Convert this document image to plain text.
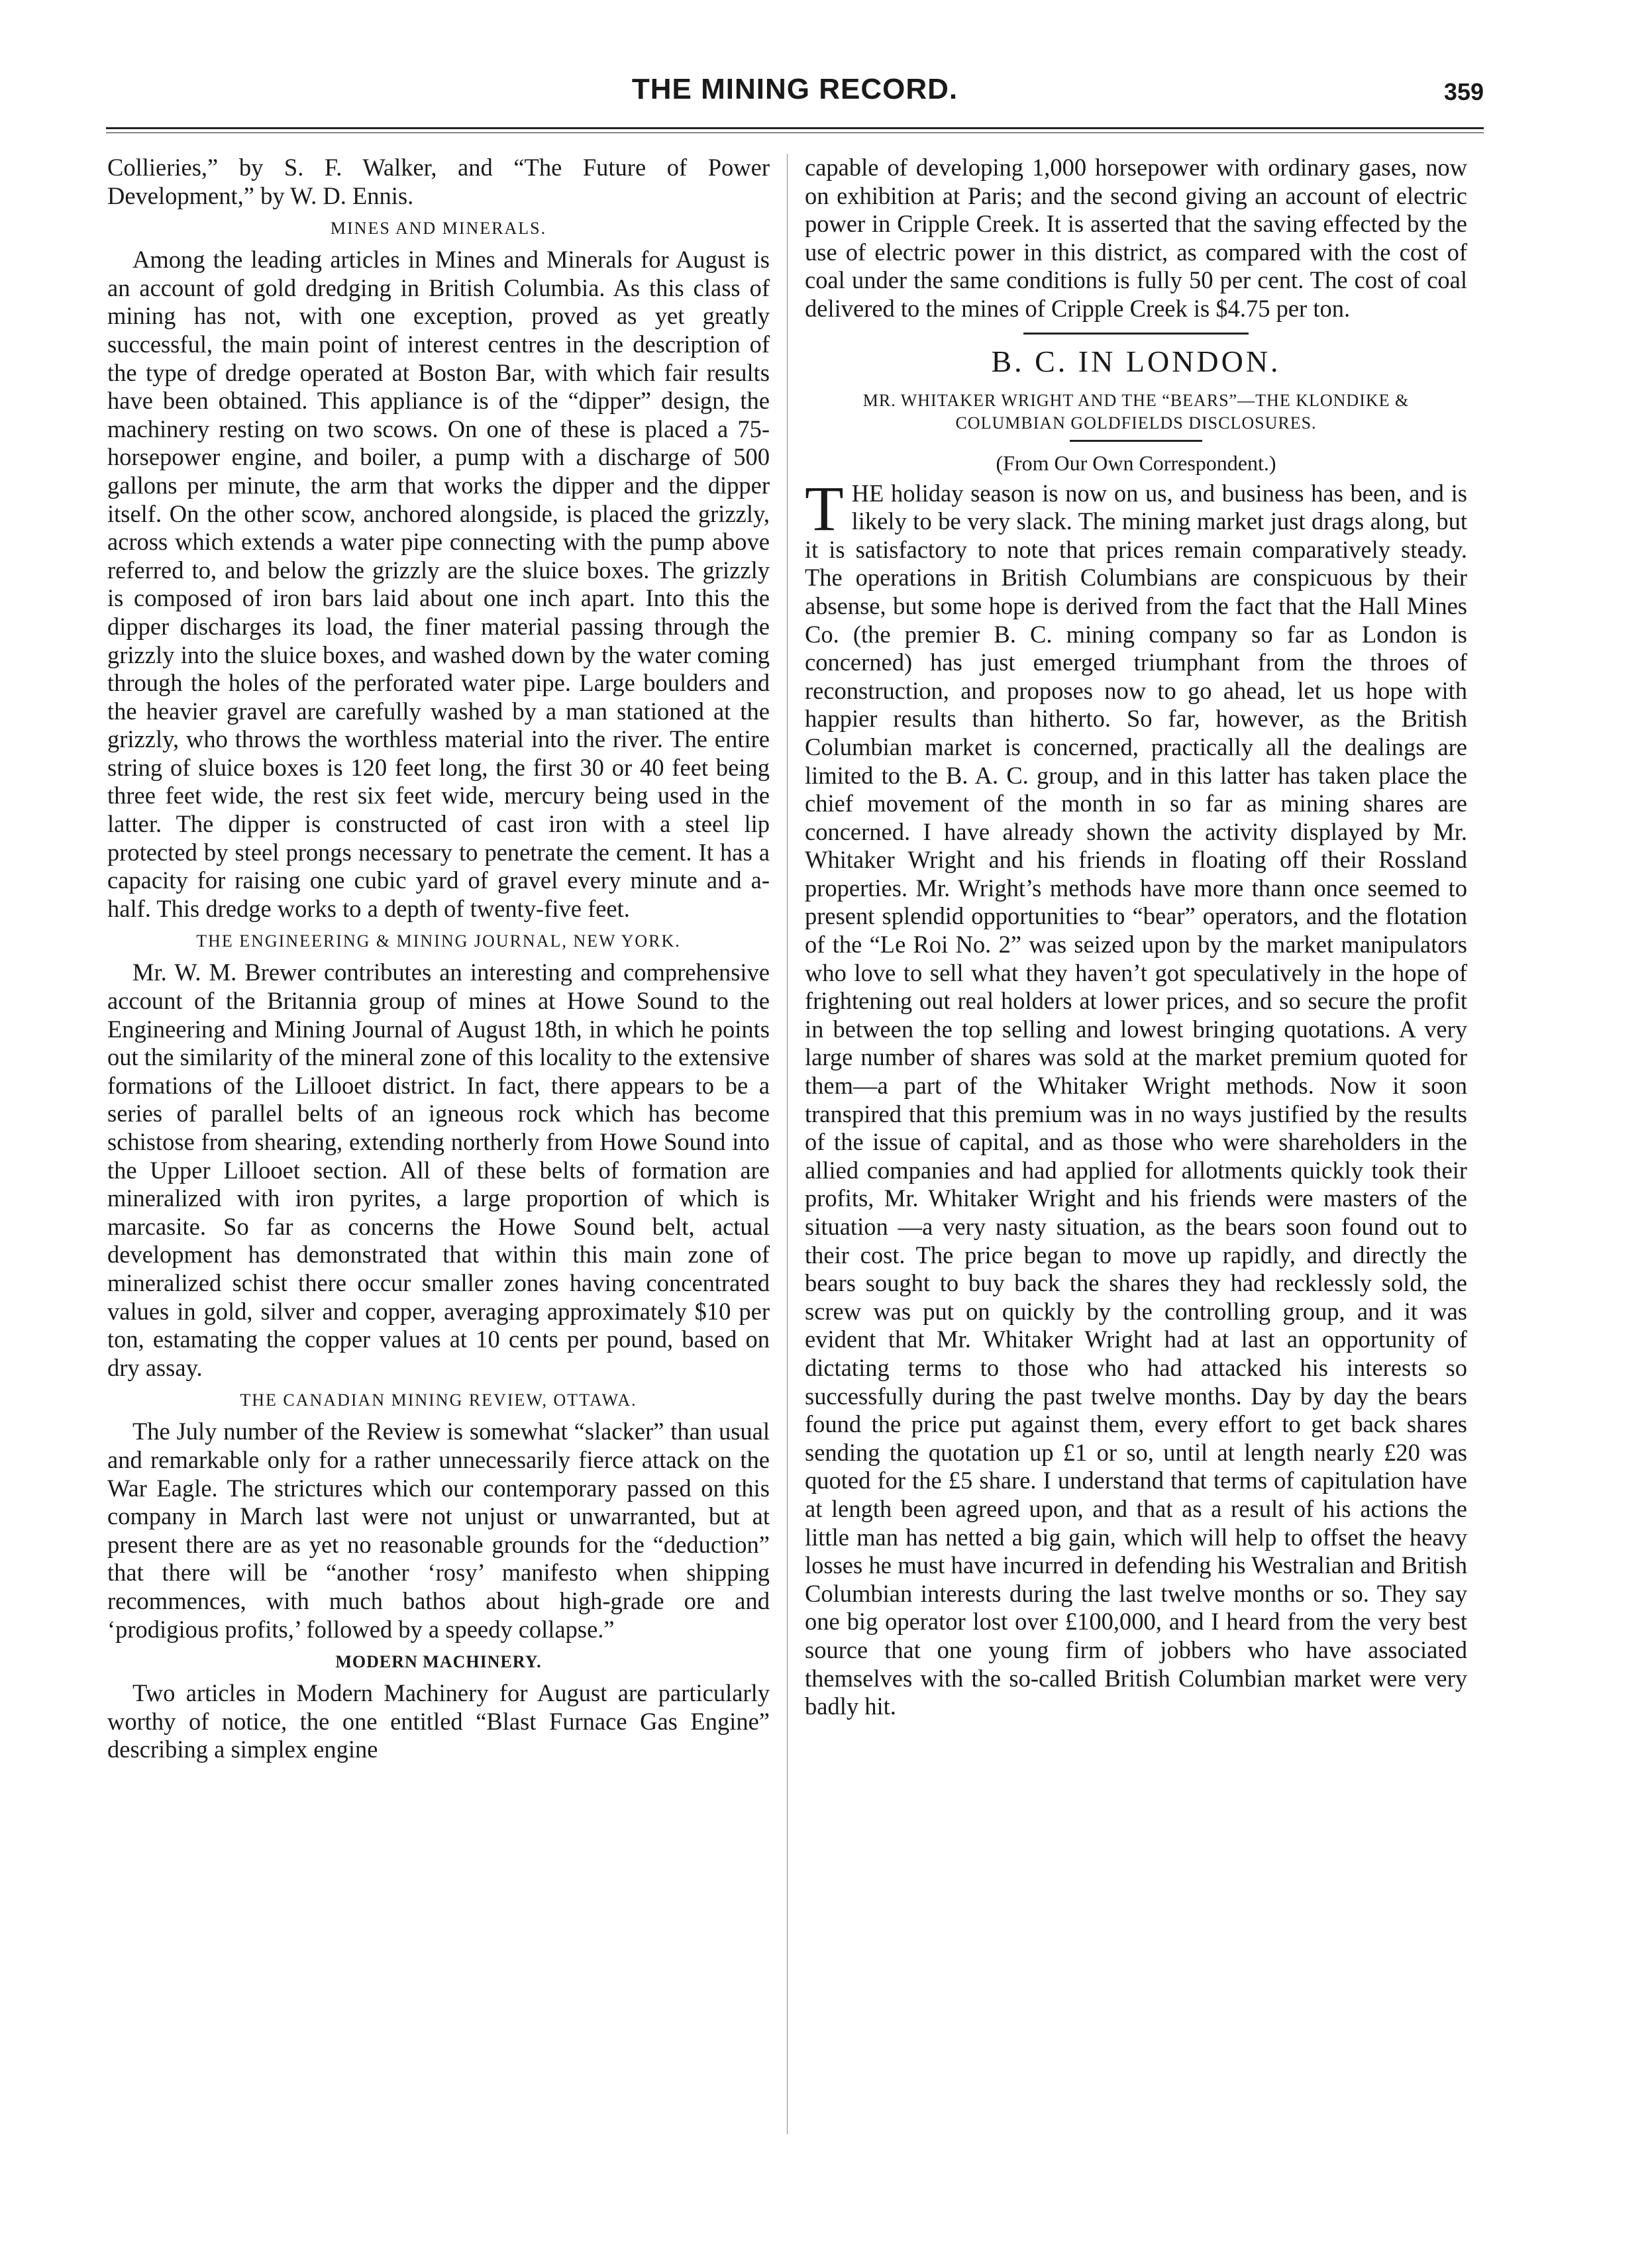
THE MINING RECORD.	359

Collieries,” by S. F. Walker, and “The Future of Power Development,” by W. D. Ennis.

MINES AND MINERALS.

Among the leading articles in Mines and Minerals for August is an account of gold dredging in British Columbia. As this class of mining has not, with one exception, proved as yet greatly successful, the main point of interest centres in the description of the type of dredge operated at Boston Bar, with which fair results have been obtained. This appliance is of the “dipper” design, the machinery resting on two scows. On one of these is placed a 75-horsepower engine, and boiler, a pump with a discharge of 500 gallons per minute, the arm that works the dipper and the dipper itself. On the other scow, anchored alongside, is placed the grizzly, across which extends a water pipe connecting with the pump above referred to, and below the grizzly are the sluice boxes. The grizzly is composed of iron bars laid about one inch apart. Into this the dipper discharges its load, the finer material passing through the grizzly into the sluice boxes, and washed down by the water coming through the holes of the perforated water pipe. Large boulders and the heavier gravel are carefully washed by a man stationed at the grizzly, who throws the worthless material into the river. The entire string of sluice boxes is 120 feet long, the first 30 or 40 feet being three feet wide, the rest six feet wide, mercury being used in the latter. The dipper is constructed of cast iron with a steel lip protected by steel prongs necessary to penetrate the cement. It has a capacity for raising one cubic yard of gravel every minute and a-half. This dredge works to a depth of twenty-five feet.

THE ENGINEERING & MINING JOURNAL, NEW YORK.

Mr. W. M. Brewer contributes an interesting and comprehensive account of the Britannia group of mines at Howe Sound to the Engineering and Mining Journal of August 18th, in which he points out the similarity of the mineral zone of this locality to the extensive formations of the Lillooet district. In fact, there appears to be a series of parallel belts of an igneous rock which has become schistose from shearing, extending northerly from Howe Sound into the Upper Lillooet section. All of these belts of formation are mineralized with iron pyrites, a large proportion of which is marcasite. So far as concerns the Howe Sound belt, actual development has demonstrated that within this main zone of mineralized schist there occur smaller zones having concentrated values in gold, silver and copper, averaging approximately $10 per ton, estamating the copper values at 10 cents per pound, based on dry assay.

THE CANADIAN MINING REVIEW, OTTAWA.

The July number of the Review is somewhat “slacker” than usual and remarkable only for a rather unnecessarily fierce attack on the War Eagle. The strictures which our contemporary passed on this company in March last were not unjust or unwarranted, but at present there are as yet no reasonable grounds for the “deduction” that there will be “another ‘rosy’ manifesto when shipping recommences, with much bathos about high-grade ore and ‘prodigious profits,’ followed by a speedy collapse.”

MODERN MACHINERY.

Two articles in Modern Machinery for August are particularly worthy of notice, the one entitled “Blast Furnace Gas Engine” describing a simplex engine

capable of developing 1,000 horsepower with ordinary gases, now on exhibition at Paris; and the second giving an account of electric power in Cripple Creek. It is asserted that the saving effected by the use of electric power in this district, as compared with the cost of coal under the same conditions is fully 50 per cent. The cost of coal delivered to the mines of Cripple Creek is $4.75 per ton.

B. C. IN LONDON.
MR. WHITAKER WRIGHT AND THE “BEARS”—THE KLONDIKE & COLUMBIAN GOLDFIELDS DISCLOSURES.
(From Our Own Correspondent.)

THE holiday season is now on us, and business has been, and is likely to be very slack. The mining market just drags along, but it is satisfactory to note that prices remain comparatively steady. The operations in British Columbians are conspicuous by their absense, but some hope is derived from the fact that the Hall Mines Co. (the premier B. C. mining company so far as London is concerned) has just emerged triumphant from the throes of reconstruction, and proposes now to go ahead, let us hope with happier results than hitherto. So far, however, as the British Columbian market is concerned, practically all the dealings are limited to the B. A. C. group, and in this latter has taken place the chief movement of the month in so far as mining shares are concerned. I have already shown the activity displayed by Mr. Whitaker Wright and his friends in floating off their Rossland properties. Mr. Wright’s methods have more thann once seemed to present splendid opportunities to “bear” operators, and the flotation of the “Le Roi No. 2” was seized upon by the market manipulators who love to sell what they haven’t got speculatively in the hope of frightening out real holders at lower prices, and so secure the profit in between the top selling and lowest bringing quotations. A very large number of shares was sold at the market premium quoted for them—a part of the Whitaker Wright methods. Now it soon transpired that this premium was in no ways justified by the results of the issue of capital, and as those who were shareholders in the allied companies and had applied for allotments quickly took their profits, Mr. Whitaker Wright and his friends were masters of the situation —a very nasty situation, as the bears soon found out to their cost. The price began to move up rapidly, and directly the bears sought to buy back the shares they had recklessly sold, the screw was put on quickly by the controlling group, and it was evident that Mr. Whitaker Wright had at last an opportunity of dictating terms to those who had attacked his interests so successfully during the past twelve months. Day by day the bears found the price put against them, every effort to get back shares sending the quotation up £1 or so, until at length nearly £20 was quoted for the £5 share. I understand that terms of capitulation have at length been agreed upon, and that as a result of his actions the little man has netted a big gain, which will help to offset the heavy losses he must have incurred in defending his Westralian and British Columbian interests during the last twelve months or so. They say one big operator lost over £100,000, and I heard from the very best source that one young firm of jobbers who have associated themselves with the so-called British Columbian market were very badly hit.
